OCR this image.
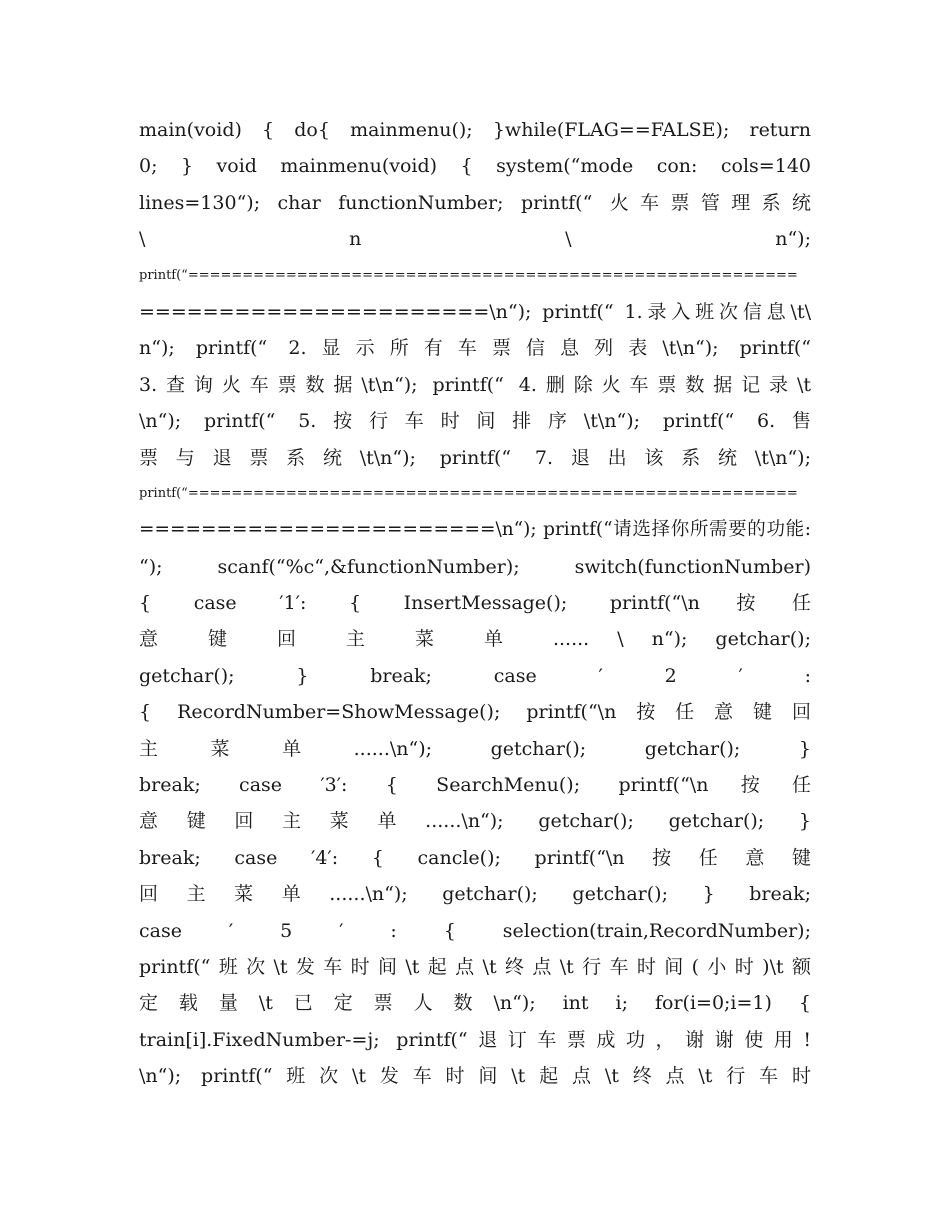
main(void) { do{ mainmenu(); }while(FLAG==FALSE); return
0; } void mainmenu(void) { system(“mode con: cols=140
lines=130“); char functionNumber; printf(“ 火车票管理系统
\ n \ n“);
printf(“========================================================
======================\n“); printf(“ 1.录入班次信息\t\
n“); printf(“ 2.显示所有车票信息列表\t\n“); printf(“
3.查询火车票数据\t\n“); printf(“ 4.删除火车票数据记录\t
\n“); printf(“ 5.按行车时间排序\t\n“); printf(“ 6.售
票与退票系统\t\n“); printf(“ 7.退出该系统\t\n“);
printf(“========================================================
=======================\n“); printf(“请选择你所需要的功能:
“); scanf(“%c“,&functionNumber); switch(functionNumber)
{ case ′1′: { InsertMessage(); printf(“\n按任
意 键 回 主 菜 单 ...... \ n“); getchar();
getchar(); } break; case ′ 2 ′ :
{ RecordNumber=ShowMessage(); printf(“\n按任意键回
主菜单......\n“); getchar(); getchar(); }
break; case ′3′: { SearchMenu(); printf(“\n按任
意键回主菜单......\n“); getchar(); getchar(); }
break; case ′4′: { cancle(); printf(“\n按任意键
回主菜单......\n“); getchar(); getchar(); } break;
case ′ 5 ′ : { selection(train,RecordNumber);
printf(“班次\t发车时间\t起点\t终点\t行车时间(小时)\t额
定载量\t已定票人数\n“); int i; for(i=0;i=1) {
train[i].FixedNumber-=j; printf(“退订车票成功，谢谢使用!
\n“); printf(“班次\t发车时间\t起点\t终点\t行车时
